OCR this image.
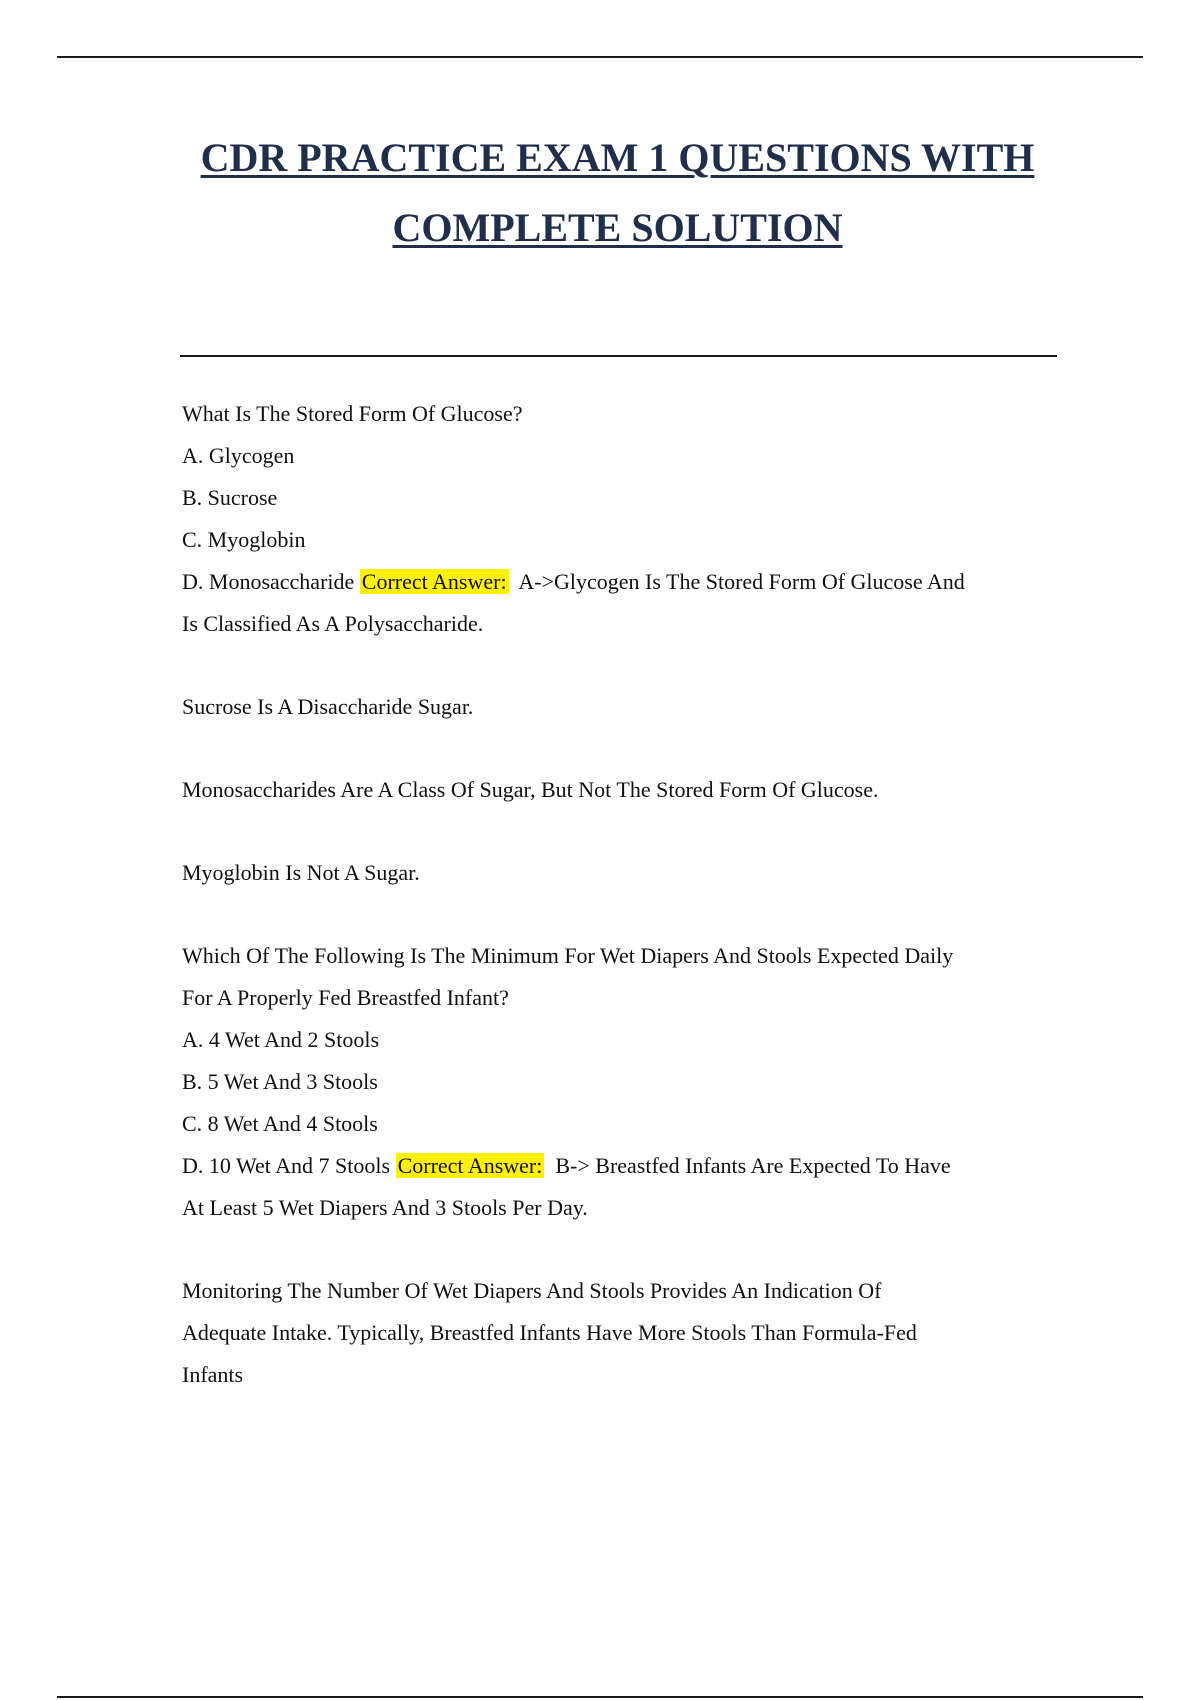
CDR PRACTICE EXAM 1 QUESTIONS WITH
COMPLETE SOLUTION
What Is The Stored Form Of Glucose?
A. Glycogen
B. Sucrose
C. Myoglobin
D. Monosaccharide Correct Answer: A->Glycogen Is The Stored Form Of Glucose And
Is Classified As A Polysaccharide.
Sucrose Is A Disaccharide Sugar.
Monosaccharides Are A Class Of Sugar, But Not The Stored Form Of Glucose.
Myoglobin Is Not A Sugar.
Which Of The Following Is The Minimum For Wet Diapers And Stools Expected Daily
For A Properly Fed Breastfed Infant?
A. 4 Wet And 2 Stools
B. 5 Wet And 3 Stools
C. 8 Wet And 4 Stools
D. 10 Wet And 7 Stools Correct Answer: B-> Breastfed Infants Are Expected To Have
At Least 5 Wet Diapers And 3 Stools Per Day.
Monitoring The Number Of Wet Diapers And Stools Provides An Indication Of
Adequate Intake. Typically, Breastfed Infants Have More Stools Than Formula-Fed
Infants
